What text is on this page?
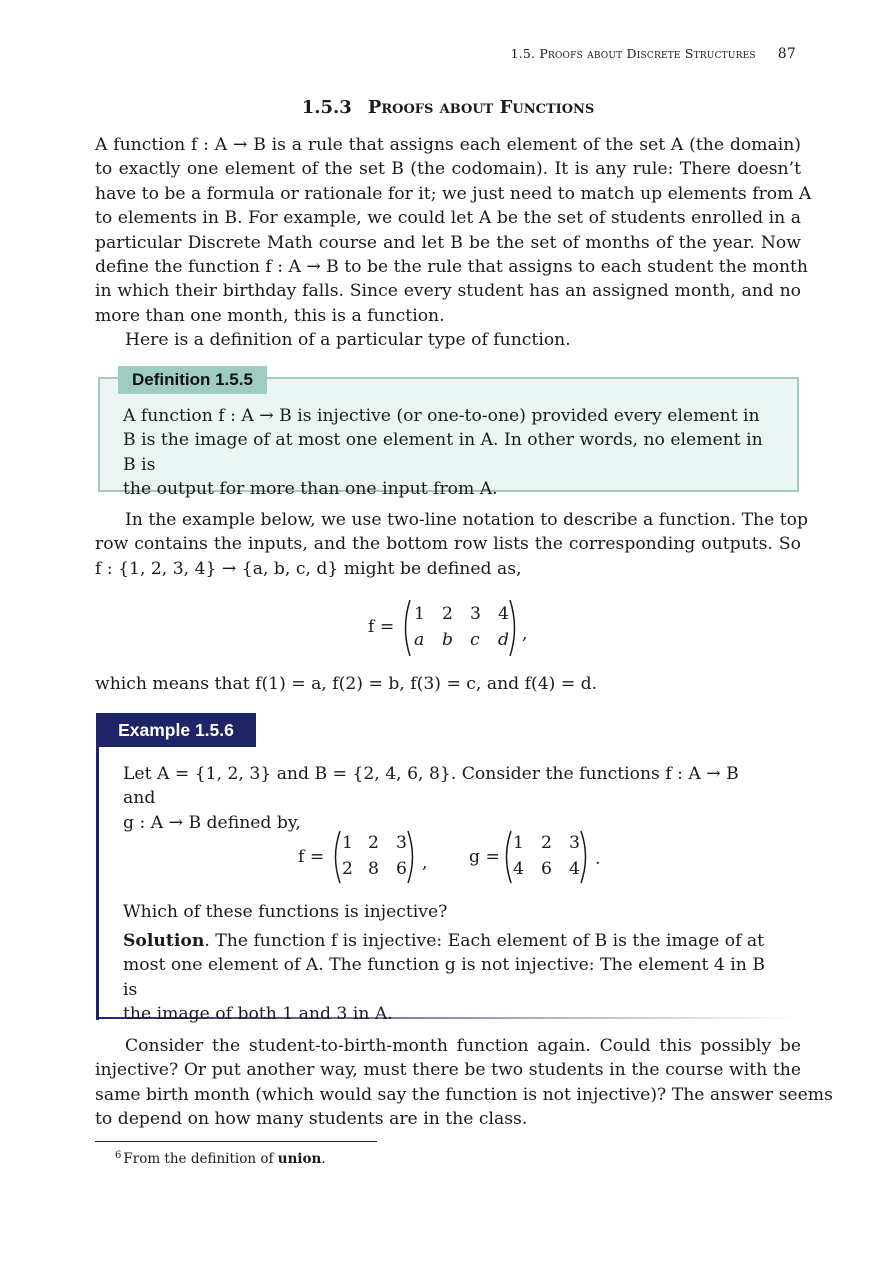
1.5. Proofs about Discrete Structures 87
1.5.3 Proofs about Functions
A function f : A → B is a rule that assigns each element of the set A (the domain)
to exactly one element of the set B (the codomain). It is any rule: There doesn’t
have to be a formula or rationale for it; we just need to match up elements from A
to elements in B. For example, we could let A be the set of students enrolled in a
particular Discrete Math course and let B be the set of months of the year. Now
define the function f : A → B to be the rule that assigns to each student the month
in which their birthday falls. Since every student has an assigned month, and no
more than one month, this is a function.
Here is a definition of a particular type of function.
Definition 1.5.5
A function f : A → B is injective (or one-to-one) provided every element in
B is the image of at most one element in A. In other words, no element in B is
the output for more than one input from A.
In the example below, we use two-line notation to describe a function. The top
row contains the inputs, and the bottom row lists the corresponding outputs. So
f : {1, 2, 3, 4} → {a, b, c, d} might be defined as,
f =
1 2 3 4
a b c d ,
which means that f(1) = a, f(2) = b, f(3) = c, and f(4) = d.
Example 1.5.6
Let A = {1, 2, 3} and B = {2, 4, 6, 8}. Consider the functions f : A → B and
g : A → B defined by,
f =
1 2 3
2 8 6 , g =
1 2 3
4 6 4 .
Which of these functions is injective?
Solution. The function f is injective: Each element of B is the image of at
most one element of A. The function g is not injective: The element 4 in B is
the image of both 1 and 3 in A.
Consider the student-to-birth-month function again. Could this possibly be
injective? Or put another way, must there be two students in the course with the
same birth month (which would say the function is not injective)? The answer seems
to depend on how many students are in the class.
$^6$ From the definition of union.
